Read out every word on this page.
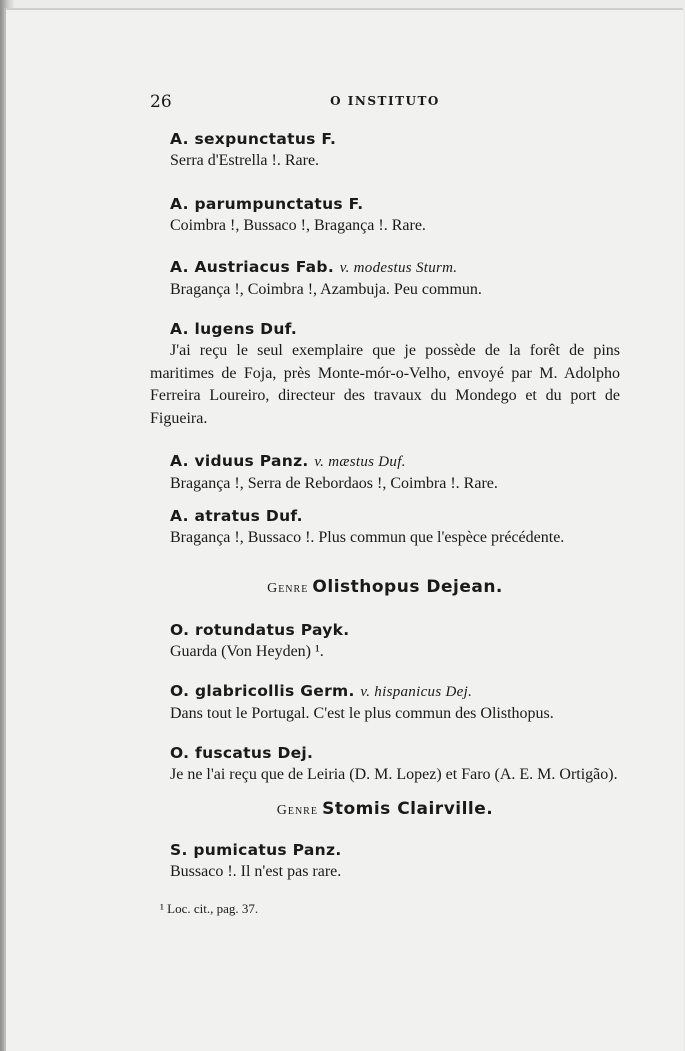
26	O INSTITUTO
A. sexpunctatus F.
Serra d'Estrella !. Rare.
A. parumpunctatus F.
Coimbra !, Bussaco !, Bragança !. Rare.
A. Austriacus Fab. v. modestus Sturm.
Bragança !, Coimbra !, Azambuja. Peu commun.
A. lugens Duf.
J'ai reçu le seul exemplaire que je possède de la forêt de pins maritimes de Foja, près Monte-mór-o-Velho, envoyé par M. Adolpho Ferreira Loureiro, directeur des travaux du Mondego et du port de Figueira.
A. viduus Panz. v. mæstus Duf.
Bragança !, Serra de Rebordaos !, Coimbra !. Rare.
A. atratus Duf.
Bragança !, Bussaco !. Plus commun que l'espèce précédente.
Genre Olisthopus Dejean.
O. rotundatus Payk.
Guarda (Von Heyden) ¹.
O. glabricollis Germ. v. hispanicus Dej.
Dans tout le Portugal. C'est le plus commun des Olisthopus.
O. fuscatus Dej.
Je ne l'ai reçu que de Leiria (D. M. Lopez) et Faro (A. E. M. Ortigão).
Genre Stomis Clairville.
S. pumicatus Panz.
Bussaco !. Il n'est pas rare.
¹ Loc. cit., pag. 37.
